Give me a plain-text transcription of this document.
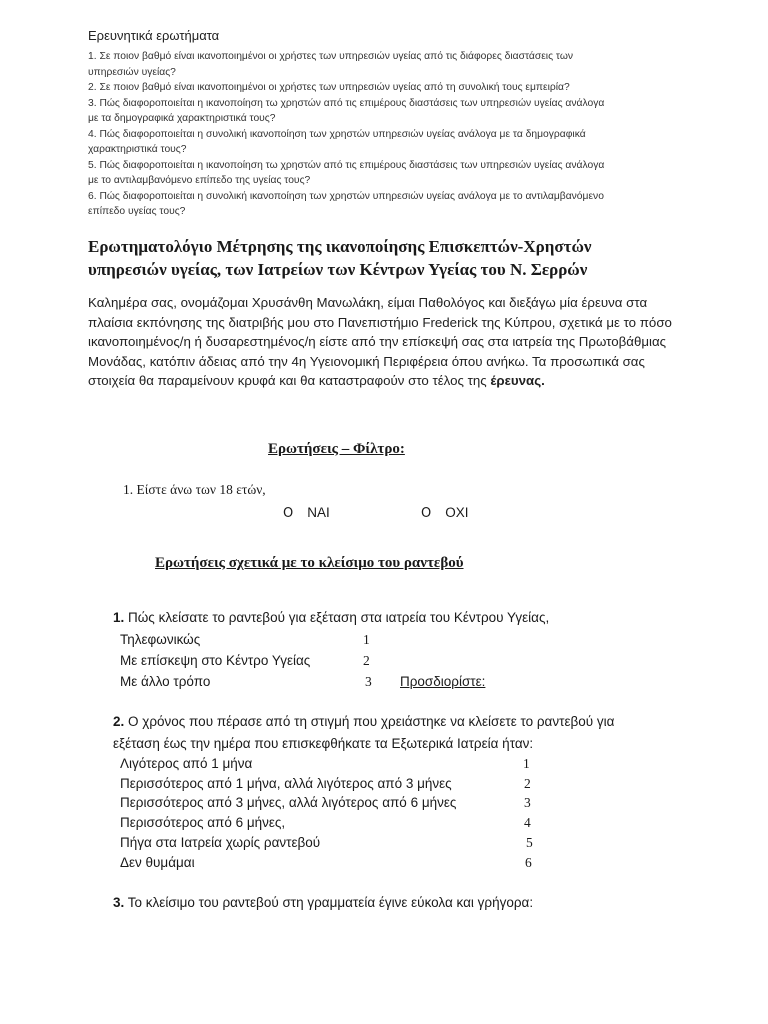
Ερευνητικά ερωτήματα
1. Σε ποιον βαθμό είναι ικανοποιημένοι οι χρήστες των υπηρεσιών υγείας από τις διάφορες διαστάσεις των
υπηρεσιών υγείας?
2. Σε ποιον βαθμό είναι ικανοποιημένοι οι χρήστες των υπηρεσιών υγείας από τη συνολική τους εμπειρία?
3. Πώς διαφοροποιείται η ικανοποίηση τω χρηστών από τις επιμέρους διαστάσεις των υπηρεσιών υγείας ανάλογα
με τα δημογραφικά χαρακτηριστικά τους?
4. Πώς διαφοροποιείται η συνολική ικανοποίηση των χρηστών υπηρεσιών υγείας ανάλογα με τα δημογραφικά
χαρακτηριστικά τους?
5. Πώς διαφοροποιείται η ικανοποίηση τω χρηστών από τις επιμέρους διαστάσεις των υπηρεσιών υγείας ανάλογα
με το αντιλαμβανόμενο επίπεδο της υγείας τους?
6. Πώς διαφοροποιείται η συνολική ικανοποίηση των χρηστών υπηρεσιών υγείας ανάλογα με το αντιλαμβανόμενο
επίπεδο υγείας τους?
Ερωτηματολόγιο Μέτρησης της ικανοποίησης Επισκεπτών-Χρηστών
υπηρεσιών υγείας, των Ιατρείων των Κέντρων Υγείας του Ν. Σερρών
Καλημέρα σας, ονομάζομαι Χρυσάνθη Μανωλάκη, είμαι Παθολόγος και διεξάγω μία έρευνα στα πλαίσια εκπόνησης της διατριβής μου στο Πανεπιστήμιο Frederick της Κύπρου, σχετικά με το πόσο ικανοποιημένος/η ή δυσαρεστημένος/η είστε από την επίσκεψή σας στα ιατρεία της Πρωτοβάθμιας Μονάδας, κατόπιν άδειας από την 4η Υγειονομική Περιφέρεια όπου ανήκω. Τα προσωπικά σας στοιχεία θα παραμείνουν κρυφά και θα καταστραφούν στο τέλος της έρευνας.
Ερωτήσεις – Φίλτρο:
1. Είστε άνω των 18 ετών,
Ο ΝΑΙ	Ο ΟΧΙ
Ερωτήσεις σχετικά με το κλείσιμο του ραντεβού
1. Πώς κλείσατε το ραντεβού για εξέταση στα ιατρεία του Κέντρου Υγείας,
Τηλεφωνικώς	1
Με επίσκεψη στο Κέντρο Υγείας	2
Με άλλο τρόπο	3 Προσδιορίστε:
2. Ο χρόνος που πέρασε από τη στιγμή που χρειάστηκε να κλείσετε το ραντεβού για
εξέταση έως την ημέρα που επισκεφθήκατε τα Εξωτερικά Ιατρεία ήταν:
Λιγότερος από 1 μήνα	1
Περισσότερος από 1 μήνα, αλλά λιγότερος από 3 μήνες	2
Περισσότερος από 3 μήνες, αλλά λιγότερος από 6 μήνες	3
Περισσότερος από 6 μήνες,	4
Πήγα στα Ιατρεία χωρίς ραντεβού	5
Δεν θυμάμαι	6
3. Το κλείσιμο του ραντεβού στη γραμματεία έγινε εύκολα και γρήγορα:
